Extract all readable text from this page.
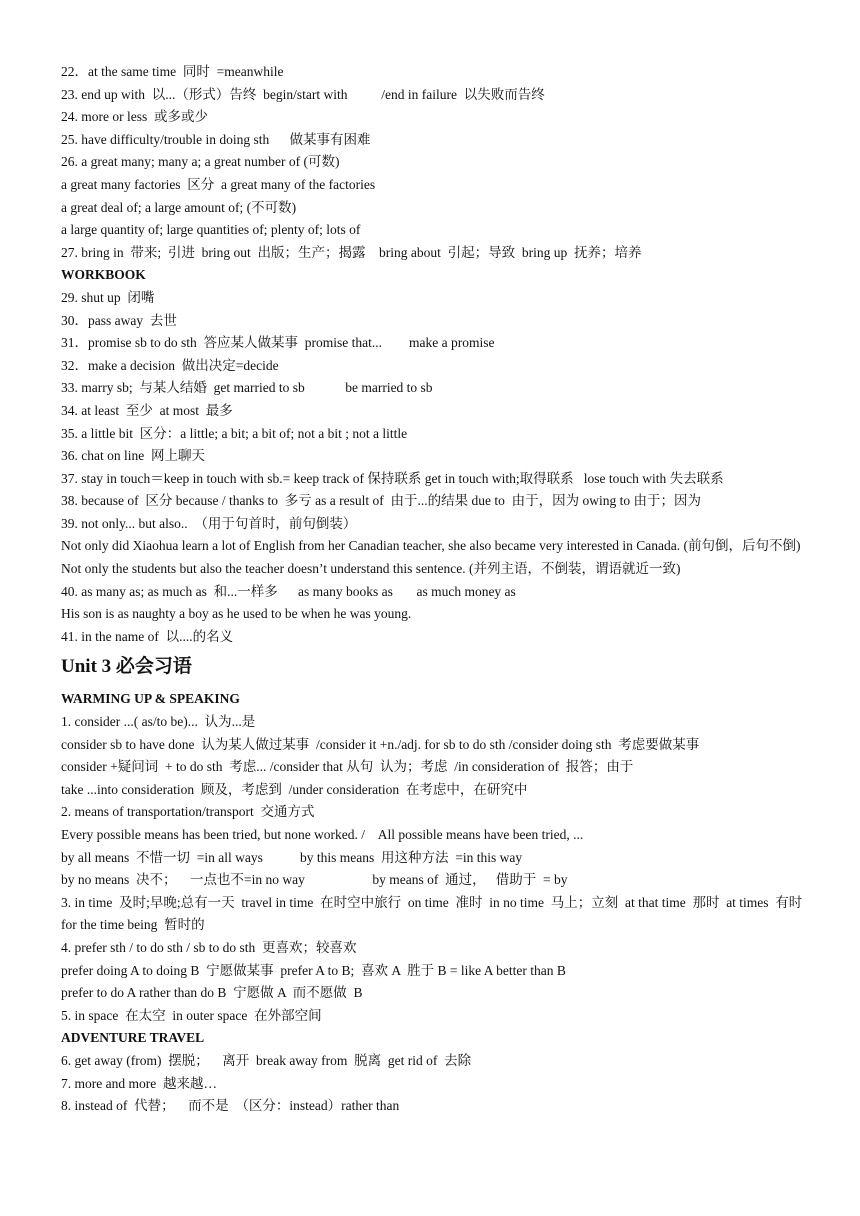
22．at the same time  同时  =meanwhile

23. end up with  以...（形式）告终  begin/start with          /end in failure  以失败而告终

24. more or less  或多或少

25. have difficulty/trouble in doing sth      做某事有困难

26. a great many; many a; a great number of (可数)

a great many factories  区分  a great many of the factories

a great deal of; a large amount of; (不可数)

a large quantity of; large quantities of; plenty of; lots of

27. bring in  带来;  引进  bring out  出版；生产；揭露    bring about  引起；导致  bring up  抚养；培养

WORKBOOK

29. shut up  闭嘴

30．pass away  去世

31．promise sb to do sth  答应某人做某事  promise that...        make a promise

32．make a decision  做出决定=decide

33. marry sb;  与某人结婚  get married to sb            be married to sb

34. at least  至少  at most  最多

35. a little bit  区分：a little; a bit; a bit of; not a bit ; not a little

36. chat on line  网上聊天

37. stay in touch＝keep in touch with sb.= keep track of 保持联系 get in touch with;取得联系   lose touch with 失去联系

38. because of  区分 because / thanks to  多亏 as a result of  由于...的结果 due to  由于，因为 owing to 由于；因为

39. not only... but also..  （用于句首时，前句倒装）

Not only did Xiaohua learn a lot of English from her Canadian teacher, she also became very interested in Canada. (前句倒，后句不倒)

Not only the students but also the teacher doesn’t understand this sentence. (并列主语，不倒装，谓语就近一致)

40. as many as; as much as  和...一样多      as many books as       as much money as

His son is as naughty a boy as he used to be when he was young.

41. in the name of  以....的名义

Unit 3 必会习语

WARMING UP & SPEAKING

1. consider ...( as/to be)...  认为...是

consider sb to have done  认为某人做过某事  /consider it +n./adj. for sb to do sth /consider doing sth  考虑要做某事

consider +疑问词  + to do sth  考虑... /consider that 从句  认为；考虑  /in consideration of  报答；由于

take ...into consideration  顾及，考虑到  /under consideration  在考虑中，在研究中

2. means of transportation/transport  交通方式

Every possible means has been tried, but none worked. /    All possible means have been tried, ...

by all means  不惜一切  =in all ways           by this means  用这种方法  =in this way

by no means  决不；    一点也不=in no way                    by means of  通过，   借助于  = by

3. in time  及时;早晚;总有一天  travel in time  在时空中旅行  on time  准时  in no time  马上；立刻  at that time  那时  at times  有时   for the time being  暂时的

4. prefer sth / to do sth / sb to do sth  更喜欢；较喜欢

prefer doing A to doing B  宁愿做某事  prefer A to B;  喜欢 A  胜于 B = like A better than B

prefer to do A rather than do B  宁愿做 A  而不愿做  B

5. in space  在太空  in outer space  在外部空间

ADVENTURE TRAVEL

6. get away (from)  摆脱；    离开  break away from  脱离  get rid of  去除

7. more and more  越来越…

8. instead of  代替；    而不是  （区分：instead）rather than
